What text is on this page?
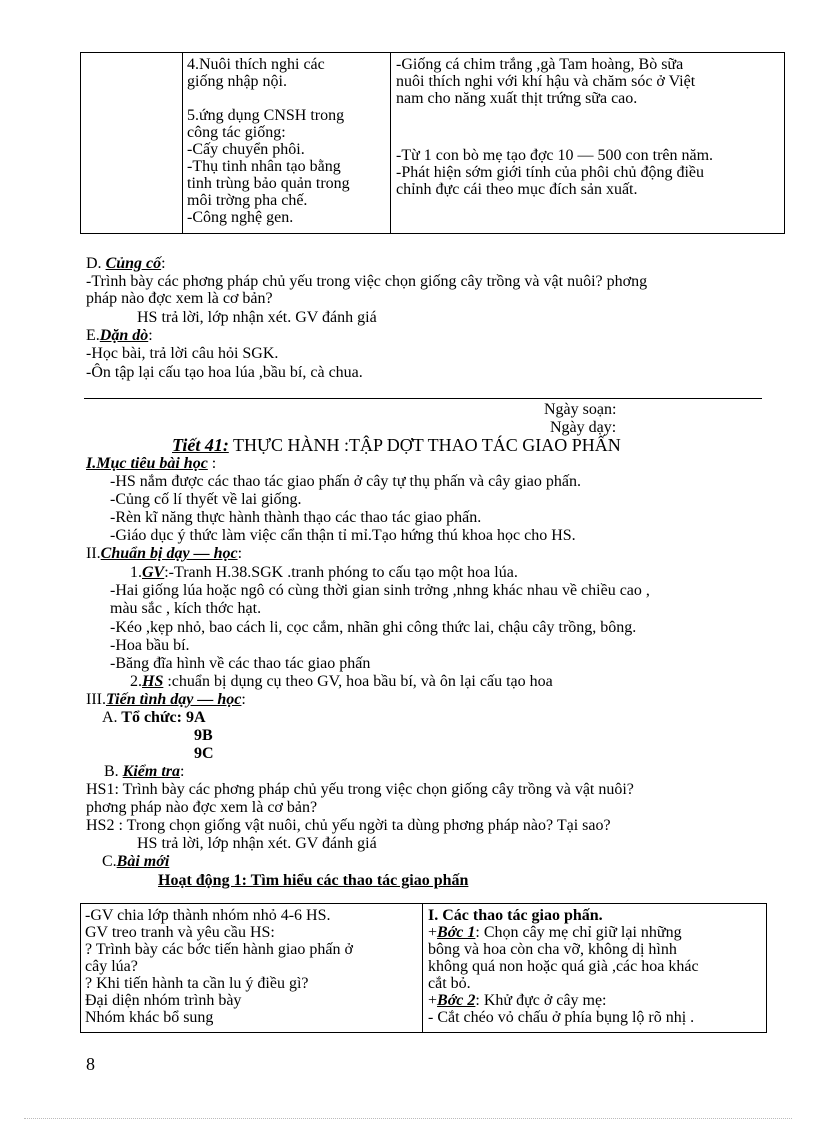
4.Nuôi thích nghi các

giống nhập nội.

5.ứng dụng CNSH trong

công tác giống:

-Cấy chuyển phôi.

-Thụ tinh nhân tạo bằng

tinh trùng bảo quản trong

môi trờng pha chế.

-Công nghệ gen.

-Giống cá chim trắng ,gà Tam hoàng, Bò sữa

nuôi thích nghi với khí hậu và chăm sóc ở Việt

nam cho năng xuất thịt trứng sữa cao.

-Từ 1 con bò mẹ tạo đợc 10 — 500 con trên năm.

-Phát hiện sớm giới tính của phôi chủ động điều

chỉnh đực cái theo mục đích sản xuất.

D. Củng cố:
-Trình bày các phơng pháp chủ yếu trong việc chọn giống cây trồng và vật nuôi? phơng
pháp nào đợc xem là cơ bản?
HS trả lời, lớp nhận xét. GV đánh giá
E.Dặn dò:
-Học bài, trả lời câu hỏi SGK.
-Ôn tập lại cấu tạo hoa lúa ,bầu bí, cà chua.
Ngày soạn:
Ngày dạy:
Tiết 41: THỰC HÀNH :TẬP DỢT THAO TÁC GIAO PHẤN
I.Mục tiêu bài học :
-HS nắm được các thao tác giao phấn ở cây tự thụ phấn và cây giao phấn.
-Củng cố lí thyết về lai giống.
-Rèn kĩ năng thực hành thành thạo các thao tác giao phấn.
-Giáo dục ý thức làm việc cẩn thận tỉ mỉ.Tạo hứng thú khoa học cho HS.
II.Chuẩn bị dạy — học:
1.GV:-Tranh H.38.SGK .tranh phóng to cấu tạo một hoa lúa.
-Hai giống lúa hoặc ngô có cùng thời gian sinh trởng ,nhng khác nhau về chiều cao ,
màu sắc , kích thớc hạt.
-Kéo ,kẹp nhỏ, bao cách li, cọc cắm, nhãn ghi công thức lai, chậu cây trồng, bông.
-Hoa bầu bí.
-Băng đĩa hình về các thao tác giao phấn
2.HS :chuẩn bị dụng cụ theo GV, hoa bầu bí, và ôn lại cấu tạo hoa
III.Tiến tình dạy — học:
A. Tổ chức: 9A
9B
9C
B. Kiểm tra:
HS1: Trình bày các phơng pháp chủ yếu trong việc chọn giống cây trồng và vật nuôi?
phơng pháp nào đợc xem là cơ bản?
HS2 : Trong chọn giống vật nuôi, chủ yếu ngời ta dùng phơng pháp nào? Tại sao?
HS trả lời, lớp nhận xét. GV đánh giá
C.Bài mới
Hoạt động 1: Tìm hiểu các thao tác giao phấn

-GV chia lớp thành nhóm nhỏ 4-6 HS.

GV treo tranh và yêu cầu HS:

? Trình bày các bớc tiến hành giao phấn ở

cây lúa?

? Khi tiến hành ta cần lu ý điều gì?

Đại diện nhóm trình bày

Nhóm khác bổ sung

I. Các thao tác giao phấn.

+Bớc 1: Chọn cây mẹ chỉ giữ lại những

bông và hoa còn cha vỡ, không dị hình

không quá non hoặc quá già ,các hoa khác

cắt bỏ.

+Bớc 2: Khử đực ở cây mẹ:

- Cắt chéo vỏ chấu ở phía bụng lộ rõ nhị .

8
